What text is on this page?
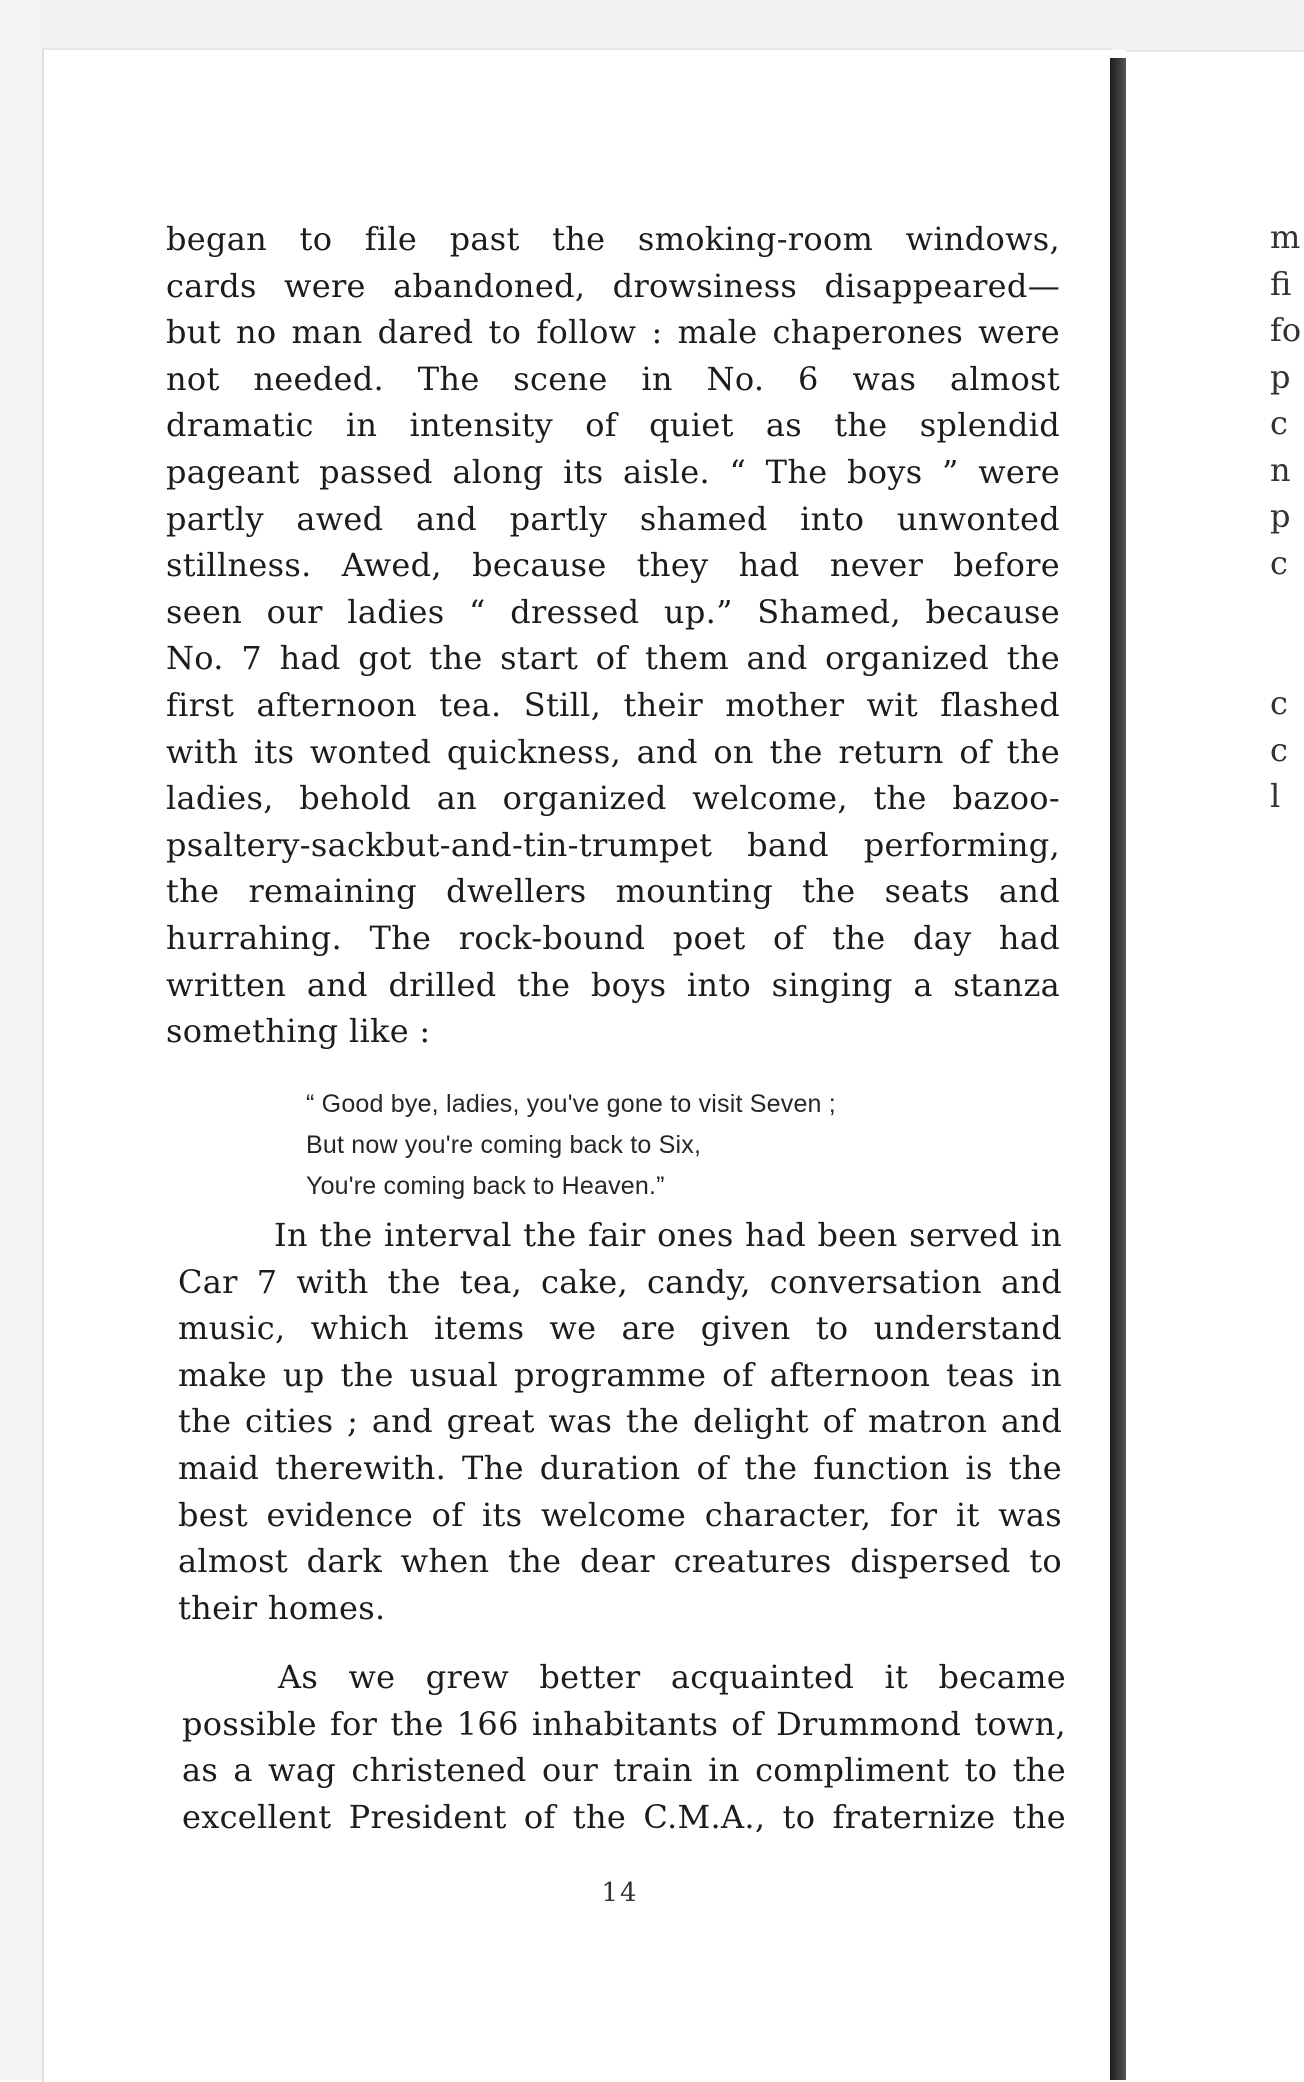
m
fi
fo
p
c
n
p
c
c
c
l
began to file past the smoking-room windows,
cards were abandoned, drowsiness disappeared—
but no man dared to follow : male chaperones were
not needed. The scene in No. 6 was almost
dramatic in intensity of quiet as the splendid
pageant passed along its aisle. “ The boys ” were
partly awed and partly shamed into unwonted
stillness. Awed, because they had never before
seen our ladies “ dressed up.” Shamed, because
No. 7 had got the start of them and organized the
first afternoon tea. Still, their mother wit flashed
with its wonted quickness, and on the return of the
ladies, behold an organized welcome, the bazoo-
psaltery-sackbut-and-tin-trumpet band performing,
the remaining dwellers mounting the seats and
hurrahing. The rock-bound poet of the day had
written and drilled the boys into singing a stanza
something like :
“ Good bye, ladies, you've gone to visit Seven ;
But now you're coming back to Six,
You're coming back to Heaven.”
In the interval the fair ones had been served in
Car 7 with the tea, cake, candy, conversation and
music, which items we are given to understand
make up the usual programme of afternoon teas in
the cities ; and great was the delight of matron and
maid therewith. The duration of the function is the
best evidence of its welcome character, for it was
almost dark when the dear creatures dispersed to
their homes.
As we grew better acquainted it became
possible for the 166 inhabitants of Drummond town,
as a wag christened our train in compliment to the
excellent President of the C.M.A., to fraternize the
14
